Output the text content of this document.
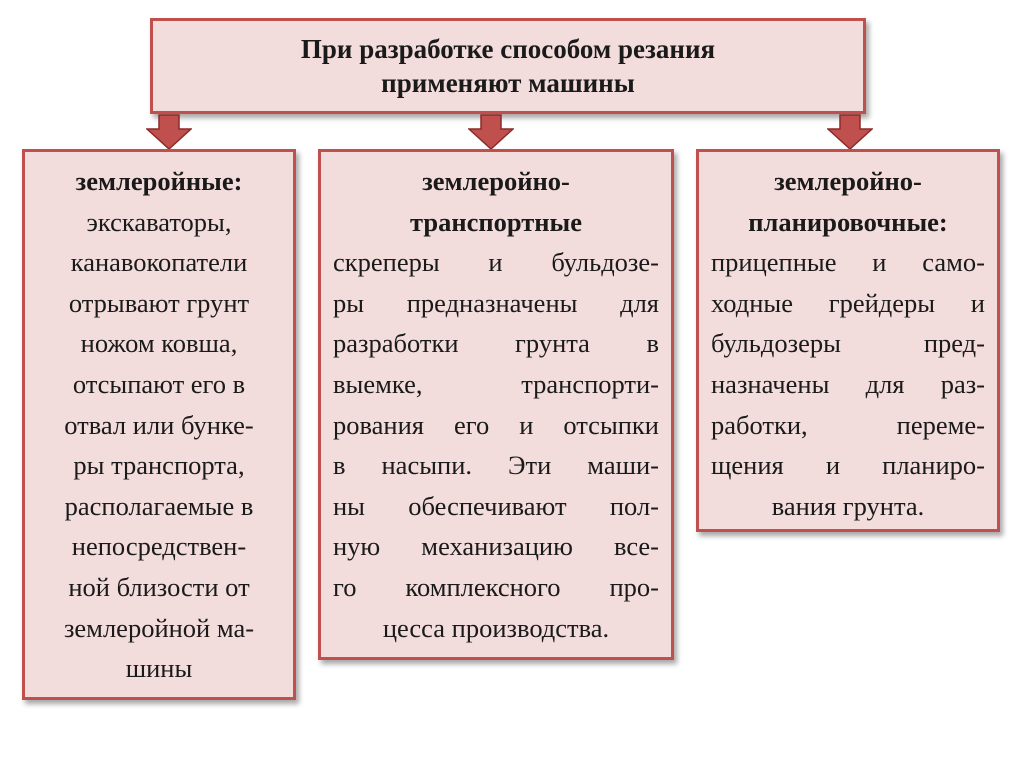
При разработке способом резания
применяют машины
землеройные:
экскаваторы,
канавокопатели
отрывают грунт
ножом ковша,
отсыпают его в
отвал или бунке-
ры транспорта,
располагаемые в
непосредствен-
ной близости от
землеройной ма-
шины
землеройно-
транспортные
скреперы и бульдозе-
ры предназначены для
разработки грунта в
выемке, транспорти-
рования его и отсыпки
в насыпи. Эти маши-
ны обеспечивают пол-
ную механизацию все-
го комплексного про-
цесса производства.
землеройно-
планировочные:
прицепные и само-
ходные грейдеры и
бульдозеры пред-
назначены для раз-
работки, переме-
щения и планиро-
вания грунта.
